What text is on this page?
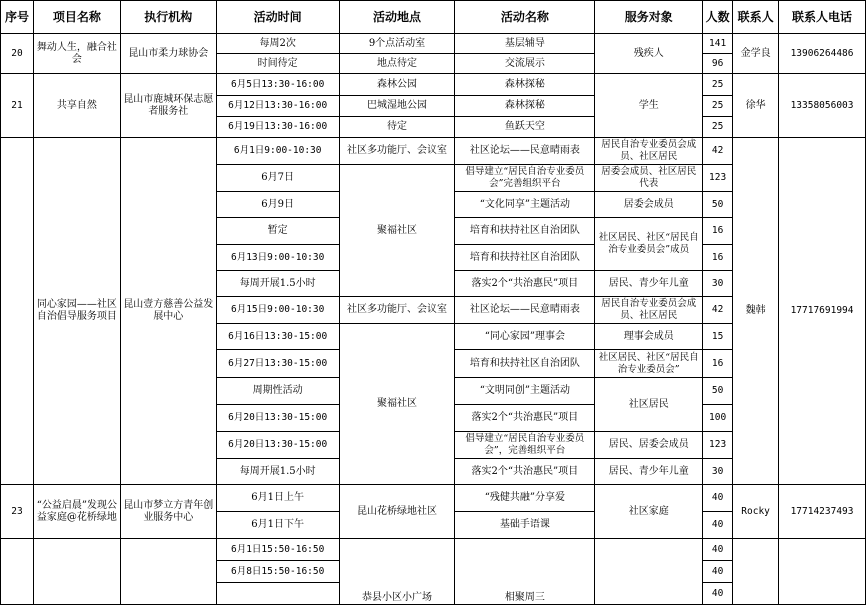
序号	项目名称	执行机构	活动时间	活动地点	活动名称	服务对象	人数	联系人	联系人电话
20	舞动人生，融合社会	昆山市柔力球协会	每周2次	9个点活动室	基层辅导	残疾人	141	金学良	13906264486
			时间待定	地点待定	交流展示		96		
21	共享自然	昆山市鹿城环保志愿者服务社	6月5日13:30-16:00	森林公园	森林探秘	学生	25	徐华	13358056003
			6月12日13:30-16:00	巴城湿地公园	森林探秘		25		
			6月19日13:30-16:00	待定	鱼跃天空		25		

	同心家园——社区自治倡导服务项目	昆山壹方慈善公益发展中心	6月1日9:00-10:30	社区多功能厅、会议室	社区论坛——民意晴雨表	居民自治专业委员会成员、社区居民	42	魏韩	17717691994
			6月7日	聚福社区	倡导建立“居民自治专业委员会”完善组织平台	居委会成员、社区居民代表	123		
			6月9日		“文化同享”主题活动	居委会成员	50		
			暂定		培育和扶持社区自治团队	社区居民、社区“居民自治专业委员会”成员	16		
			6月13日9:00-10:30		培育和扶持社区自治团队		16		
			每周开展1.5小时		落实2个“共治惠民”项目	居民、青少年儿童	30		
			6月15日9:00-10:30	社区多功能厅、会议室	社区论坛——民意晴雨表	居民自治专业委员会成员、社区居民	42		
			6月16日13:30-15:00	聚福社区	“同心家园”理事会	理事会成员	15		
			6月27日13:30-15:00		培育和扶持社区自治团队	社区居民、社区“居民自治专业委员会”	16		
			周期性活动		“文明同创”主题活动	社区居民	50		
			6月20日13:30-15:00		落实2个“共治惠民”项目		100		
			6月20日13:30-15:00		倡导建立“居民自治专业委员会”，完善组织平台	居民、居委会成员	123		
			每周开展1.5小时		落实2个“共治惠民”项目	居民、青少年儿童	30		
23	“公益启晨”发现公益家庭@花桥绿地	昆山市梦立方青年创业服务中心	6月1日上午	昆山花桥绿地社区	“残健共融”分享爱	社区家庭	40	Rocky	17714237493
			6月1日下午		基础手语课		40		
			6月1日15:50-16:50	恭县小区小广场	相聚周三		40		
			6月8日15:50-16:50				40		
							40		
